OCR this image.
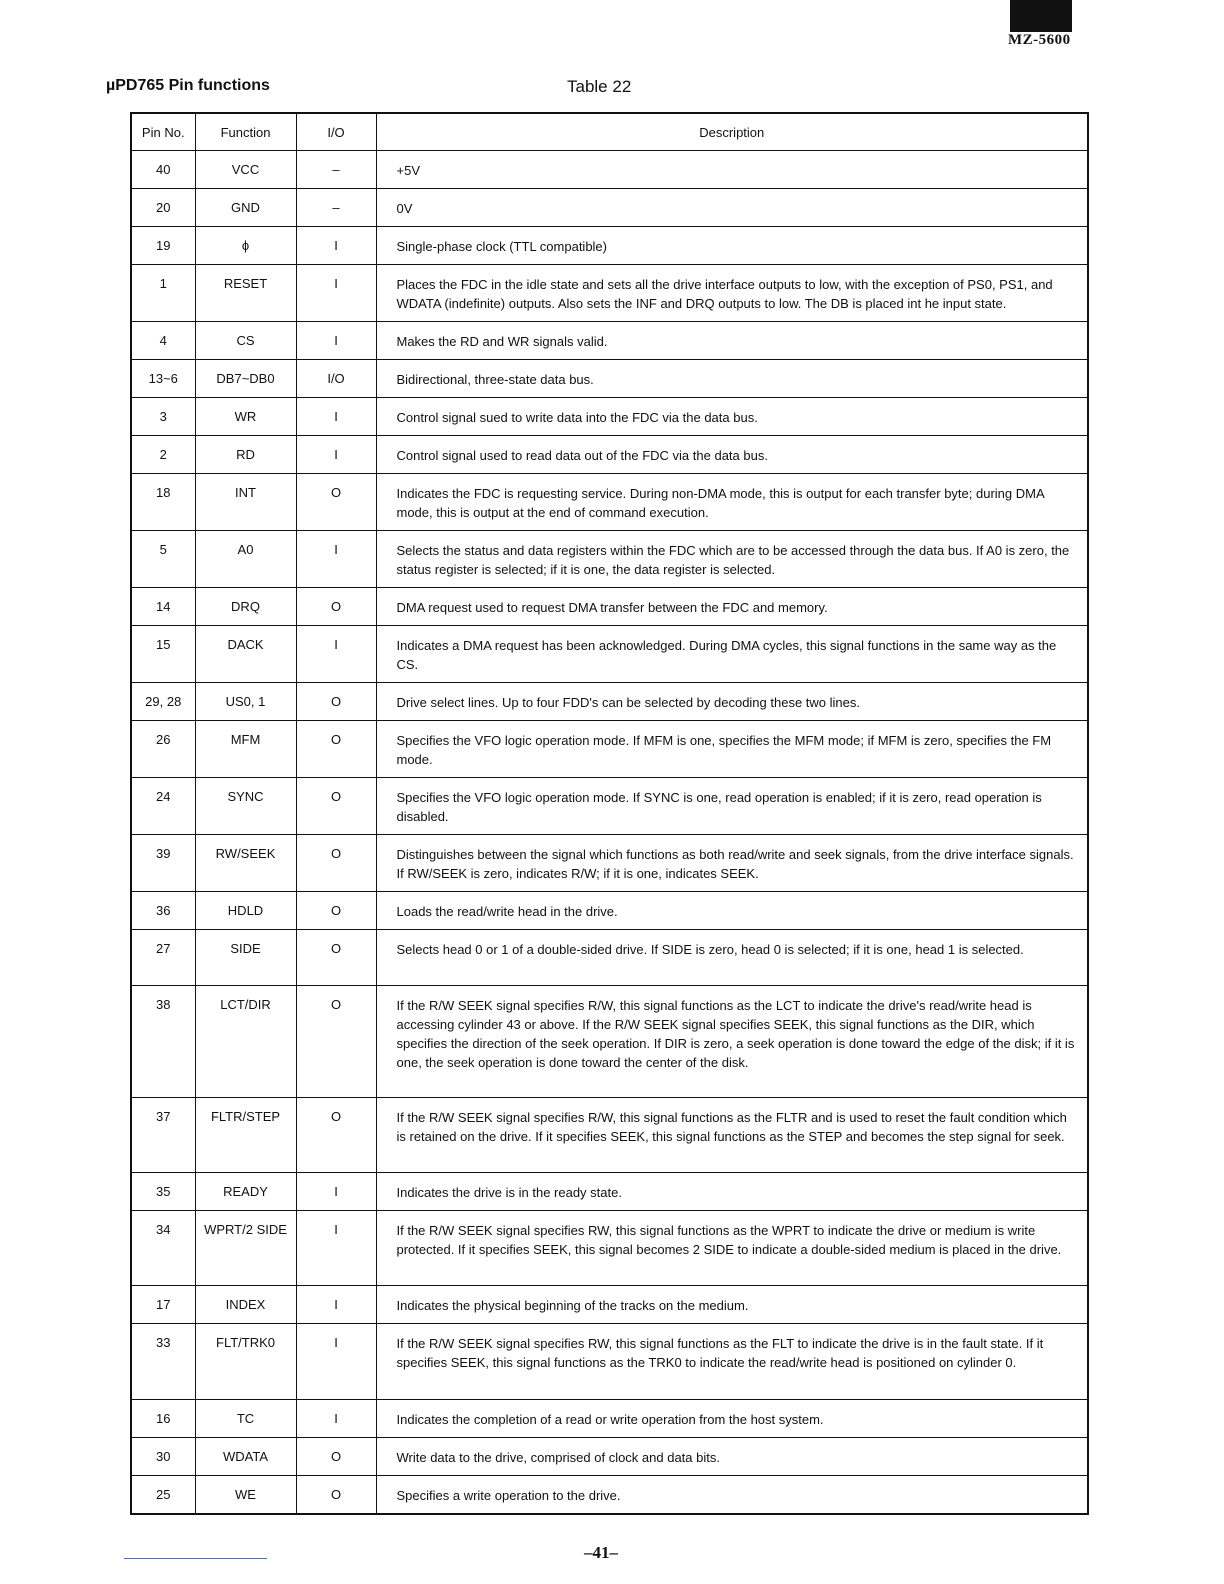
MZ-5600
µPD765 Pin functions	Table 22
Pin No.	Function	I/O	Description
40	VCC	–	+5V
20	GND	–	0V
19	ϕ	I	Single-phase clock (TTL compatible)
1	RESET	I	Places the FDC in the idle state and sets all the drive interface outputs to low, with the exception of PS0, PS1, and WDATA (indefinite) outputs. Also sets the INF and DRQ outputs to low. The DB is placed int he input state.
4	CS	I	Makes the RD and WR signals valid.
13~6	DB7~DB0	I/O	Bidirectional, three-state data bus.
3	WR	I	Control signal sued to write data into the FDC via the data bus.
2	RD	I	Control signal used to read data out of the FDC via the data bus.
18	INT	O	Indicates the FDC is requesting service. During non-DMA mode, this is output for each transfer byte; during DMA mode, this is output at the end of command execution.
5	A0	I	Selects the status and data registers within the FDC which are to be accessed through the data bus. If A0 is zero, the status register is selected; if it is one, the data register is selected.
14	DRQ	O	DMA request used to request DMA transfer between the FDC and memory.
15	DACK	I	Indicates a DMA request has been acknowledged. During DMA cycles, this signal functions in the same way as the CS.
29, 28	US0, 1	O	Drive select lines. Up to four FDD's can be selected by decoding these two lines.
26	MFM	O	Specifies the VFO logic operation mode. If MFM is one, specifies the MFM mode; if MFM is zero, specifies the FM mode.
24	SYNC	O	Specifies the VFO logic operation mode. If SYNC is one, read operation is enabled; if it is zero, read operation is disabled.
39	RW/SEEK	O	Distinguishes between the signal which functions as both read/write and seek signals, from the drive interface signals. If RW/SEEK is zero, indicates R/W; if it is one, indicates SEEK.
36	HDLD	O	Loads the read/write head in the drive.
27	SIDE	O	Selects head 0 or 1 of a double-sided drive. If SIDE is zero, head 0 is selected; if it is one, head 1 is selected.
38	LCT/DIR	O	If the R/W SEEK signal specifies R/W, this signal functions as the LCT to indicate the drive's read/write head is accessing cylinder 43 or above. If the R/W SEEK signal specifies SEEK, this signal functions as the DIR, which specifies the direction of the seek operation. If DIR is zero, a seek operation is done toward the edge of the disk; if it is one, the seek operation is done toward the center of the disk.
37	FLTR/STEP	O	If the R/W SEEK signal specifies R/W, this signal functions as the FLTR and is used to reset the fault condition which is retained on the drive. If it specifies SEEK, this signal functions as the STEP and becomes the step signal for seek.
35	READY	I	Indicates the drive is in the ready state.
34	WPRT/2 SIDE	I	If the R/W SEEK signal specifies RW, this signal functions as the WPRT to indicate the drive or medium is write protected. If it specifies SEEK, this signal becomes 2 SIDE to indicate a double-sided medium is placed in the drive.
17	INDEX	I	Indicates the physical beginning of the tracks on the medium.
33	FLT/TRK0	I	If the R/W SEEK signal specifies RW, this signal functions as the FLT to indicate the drive is in the fault state. If it specifies SEEK, this signal functions as the TRK0 to indicate the read/write head is positioned on cylinder 0.
16	TC	I	Indicates the completion of a read or write operation from the host system.
30	WDATA	O	Write data to the drive, comprised of clock and data bits.
25	WE	O	Specifies a write operation to the drive.
–41–
